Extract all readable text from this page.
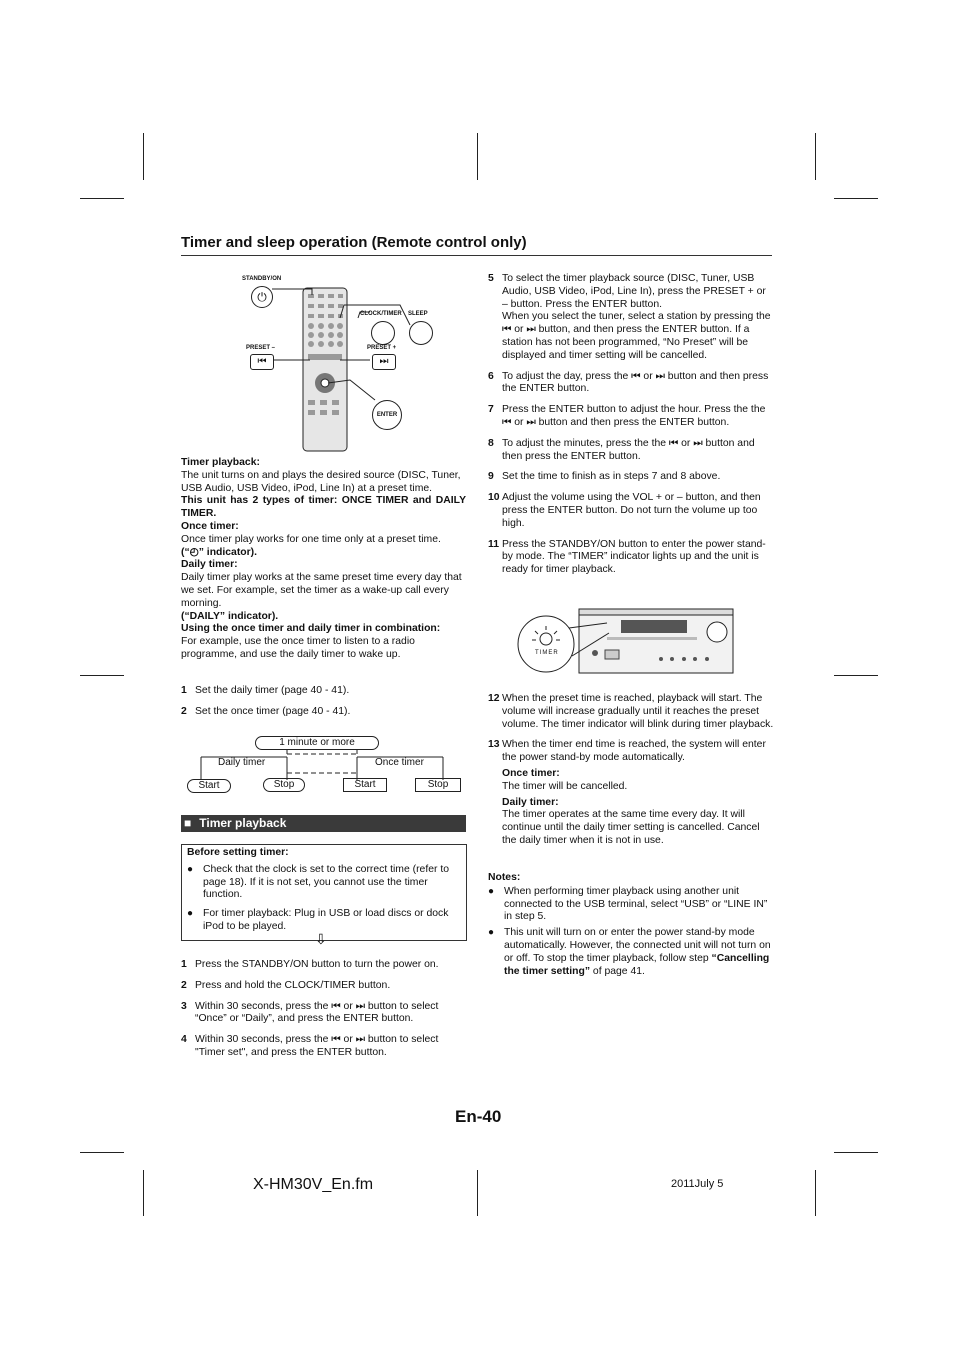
Timer and sleep operation (Remote control only)
STANDBY/ON
⏻
CLOCK/TIMER SLEEP
PRESET –	PRESET +
⏮	⏭
ENTER
Timer playback:
The unit turns on and plays the desired source (DISC, Tuner, USB Audio, USB Video, iPod, Line In) at a preset time.
This unit has 2 types of timer: ONCE TIMER and DAILY TIMER.
Once timer:
Once timer play works for one time only at a preset time.
(“◴” indicator).
Daily timer:
Daily timer play works at the same preset time every day that we set. For example, set the timer as a wake-up call every morning.
(“DAILY” indicator).
Using the once timer and daily timer in combination:
For example, use the once timer to listen to a radio programme, and use the daily timer to wake up.
1 Set the daily timer (page 40 - 41).
2 Set the once timer (page 40 - 41).
1 minute or more
Daily timer	Once timer
Start	Stop	Start	Stop
■ Timer playback
Before setting timer:
● Check that the clock is set to the correct time (refer to page 18). If it is not set, you cannot use the timer function.
● For timer playback: Plug in USB or load discs or dock iPod to be played.
⇩
1 Press the STANDBY/ON button to turn the power on.
2 Press and hold the CLOCK/TIMER button.
3 Within 30 seconds, press the ⏮ or ⏭ button to select “Once” or “Daily”, and press the ENTER button.
4 Within 30 seconds, press the ⏮ or ⏭ button to select "Timer set", and press the ENTER button.
5 To select the timer playback source (DISC, Tuner, USB Audio, USB Video, iPod, Line In), press the PRESET + or – button. Press the ENTER button.
When you select the tuner, select a station by pressing the ⏮ or ⏭ button, and then press the ENTER button. If a station has not been programmed, “No Preset” will be displayed and timer setting will be cancelled.
6 To adjust the day, press the ⏮ or ⏭ button and then press the ENTER button.
7 Press the ENTER button to adjust the hour. Press the the ⏮ or ⏭ button and then press the ENTER button.
8 To adjust the minutes, press the the ⏮ or ⏭ button and then press the ENTER button.
9 Set the time to finish as in steps 7 and 8 above.
10 Adjust the volume using the VOL + or – button, and then press the ENTER button. Do not turn the volume up too high.
11 Press the STANDBY/ON button to enter the power stand-by mode. The “TIMER” indicator lights up and the unit is ready for timer playback.
TIMER
12 When the preset time is reached, playback will start. The volume will increase gradually until it reaches the preset volume. The timer indicator will blink during timer playback.
13 When the timer end time is reached, the system will enter the power stand-by mode automatically.
Once timer:
The timer will be cancelled.
Daily timer:
The timer operates at the same time every day. It will continue until the daily timer setting is cancelled. Cancel the daily timer when it is not in use.
Notes:
● When performing timer playback using another unit connected to the USB terminal, select “USB” or “LINE IN” in step 5.
● This unit will turn on or enter the power stand-by mode automatically. However, the connected unit will not turn on or off. To stop the timer playback, follow step “Cancelling the timer setting” of page 41.
En-40
X-HM30V_En.fm	2011July 5
